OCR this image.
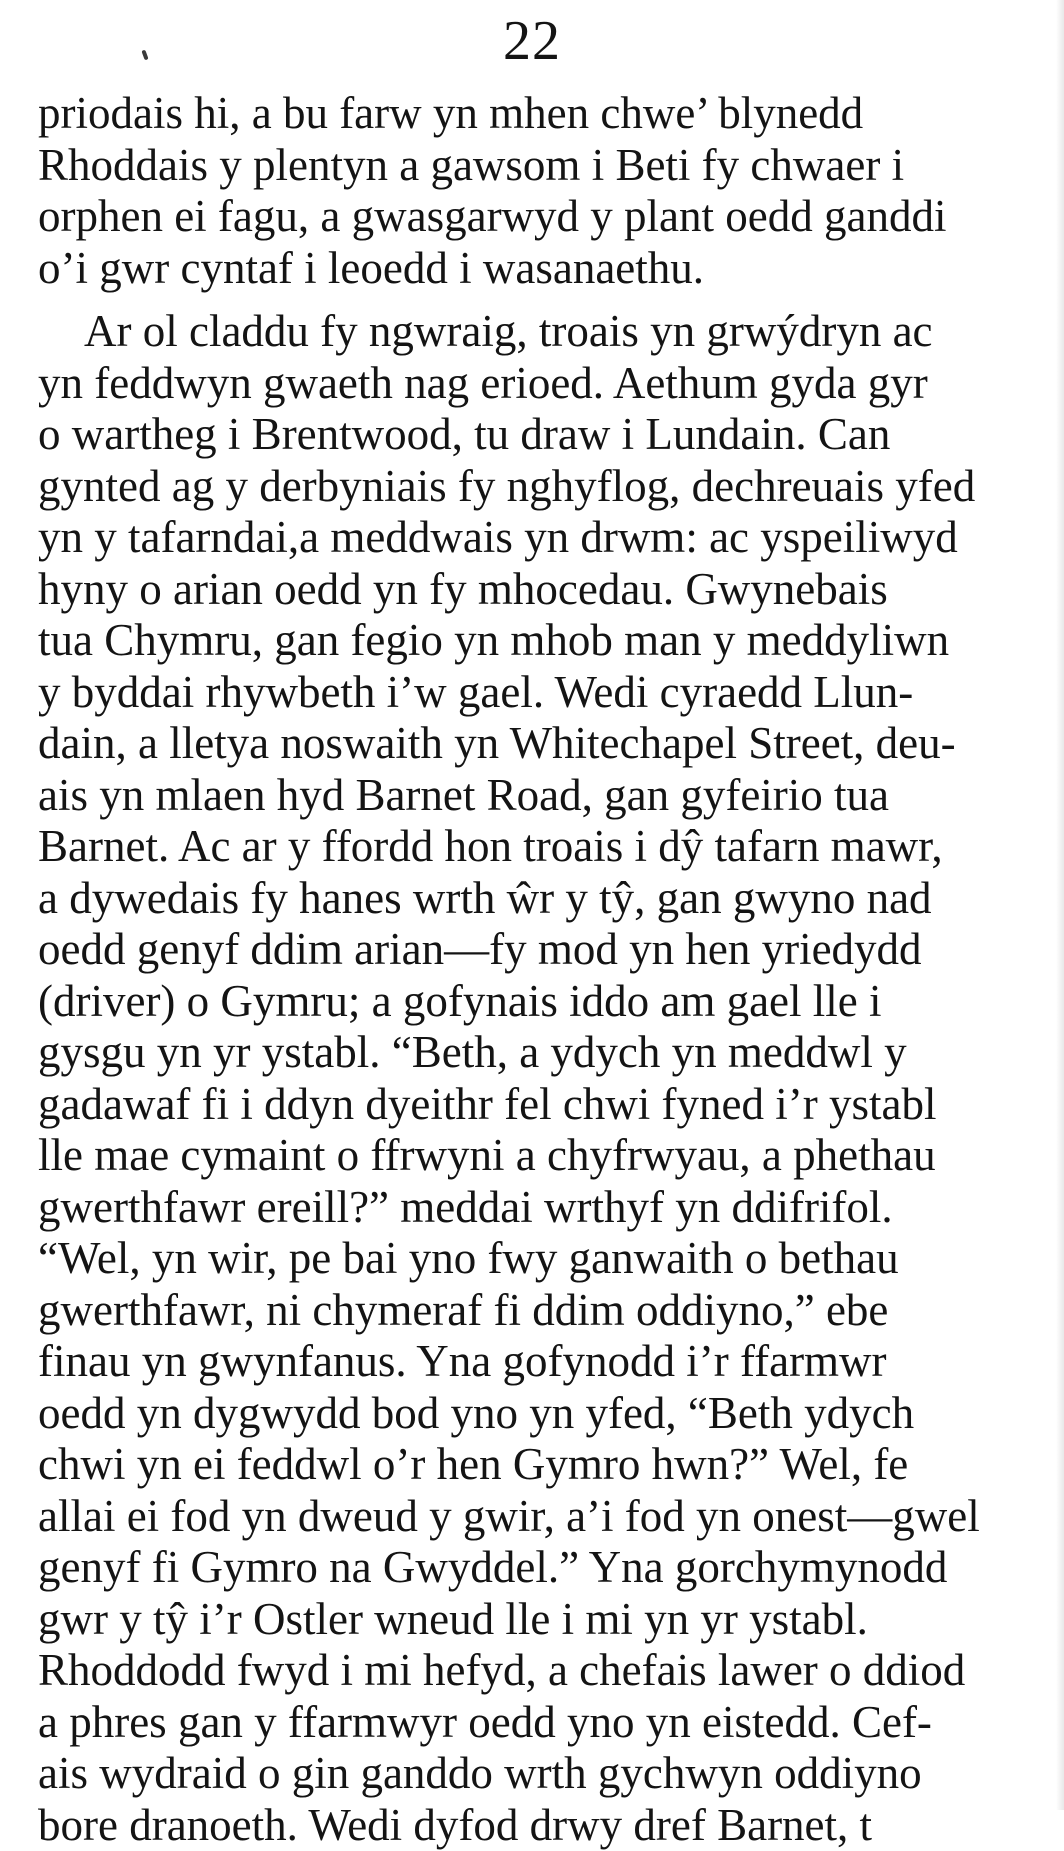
22
priodais hi, a bu farw yn mhen chwe’ blynedd
Rhoddais y plentyn a gawsom i Beti fy chwaer i
orphen ei fagu, a gwasgarwyd y plant oedd ganddi
o’i gwr cyntaf i leoedd i wasanaethu.
Ar ol claddu fy ngwraig, troais yn grwýdryn ac
yn feddwyn gwaeth nag erioed. Aethum gyda gyr
o wartheg i Brentwood, tu draw i Lundain. Can
gynted ag y derbyniais fy nghyflog, dechreuais yfed
yn y tafarndai,a meddwais yn drwm: ac yspeiliwyd
hyny o arian oedd yn fy mhocedau. Gwynebais
tua Chymru, gan fegio yn mhob man y meddyliwn
y byddai rhywbeth i’w gael. Wedi cyraedd Llun-
dain, a lletya noswaith yn Whitechapel Street, deu-
ais yn mlaen hyd Barnet Road, gan gyfeirio tua
Barnet. Ac ar y ffordd hon troais i dŷ tafarn mawr,
a dywedais fy hanes wrth ŵr y tŷ, gan gwyno nad
oedd genyf ddim arian—fy mod yn hen yriedydd
(driver) o Gymru; a gofynais iddo am gael lle i
gysgu yn yr ystabl. “Beth, a ydych yn meddwl y
gadawaf fi i ddyn dyeithr fel chwi fyned i’r ystabl
lle mae cymaint o ffrwyni a chyfrwyau, a phethau
gwerthfawr ereill?” meddai wrthyf yn ddifrifol.
“Wel, yn wir, pe bai yno fwy ganwaith o bethau
gwerthfawr, ni chymeraf fi ddim oddiyno,” ebe
finau yn gwynfanus. Yna gofynodd i’r ffarmwr
oedd yn dygwydd bod yno yn yfed, “Beth ydych
chwi yn ei feddwl o’r hen Gymro hwn?” Wel, fe
allai ei fod yn dweud y gwir, a’i fod yn onest—gwel
genyf fi Gymro na Gwyddel.” Yna gorchymynodd
gwr y tŷ i’r Ostler wneud lle i mi yn yr ystabl.
Rhoddodd fwyd i mi hefyd, a chefais lawer o ddiod
a phres gan y ffarmwyr oedd yno yn eistedd. Cef-
ais wydraid o gin ganddo wrth gychwyn oddiyno
bore dranoeth. Wedi dyfod drwy dref Barnet, t
